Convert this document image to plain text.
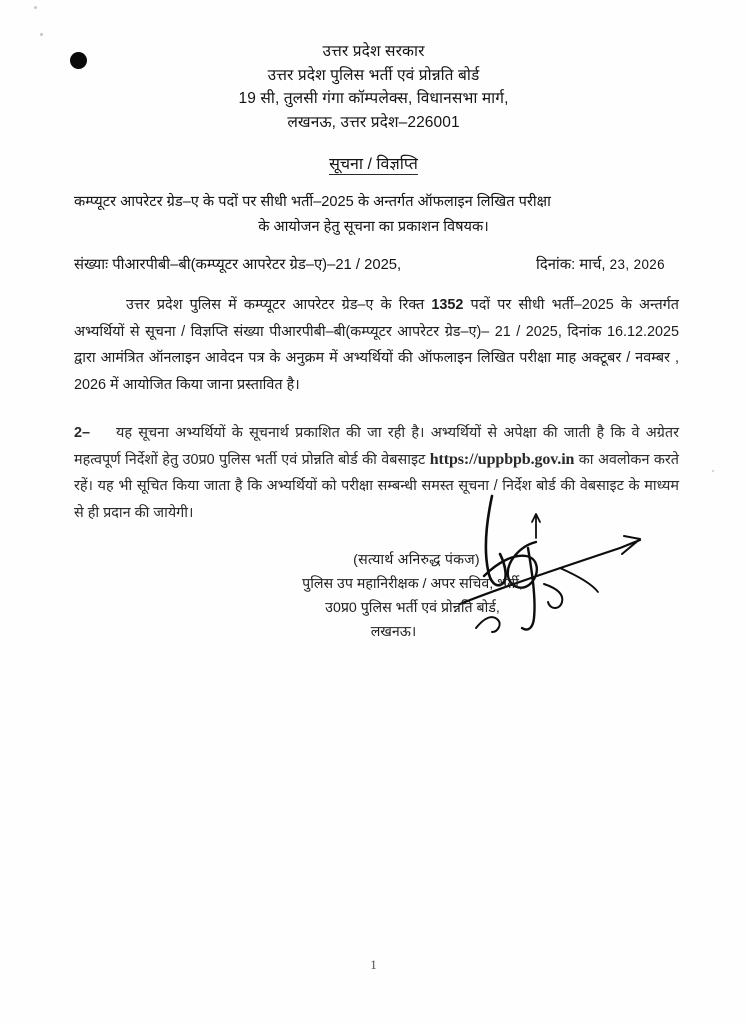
उत्तर प्रदेश सरकार
उत्तर प्रदेश पुलिस भर्ती एवं प्रोन्नति बोर्ड
19 सी, तुलसी गंगा कॉम्पलेक्स, विधानसभा मार्ग,
लखनऊ, उत्तर प्रदेश–226001
सूचना / विज्ञप्ति
कम्प्यूटर आपरेटर ग्रेड–ए के पदों पर सीधी भर्ती–2025 के अन्तर्गत ऑफलाइन लिखित परीक्षा
के आयोजन हेतु सूचना का प्रकाशन विषयक।
संख्याः पीआरपीबी–बी(कम्प्यूटर आपरेटर ग्रेड–ए)–21 / 2025,	दिनांक: मार्च, 23, 2026
उत्तर प्रदेश पुलिस में कम्प्यूटर आपरेटर ग्रेड–ए के रिक्त 1352 पदों पर सीधी भर्ती–2025 के अन्तर्गत अभ्यर्थियों से सूचना / विज्ञप्ति संख्या पीआरपीबी–बी(कम्प्यूटर आपरेटर ग्रेड–ए)– 21 / 2025, दिनांक 16.12.2025 द्वारा आमंत्रित ऑनलाइन आवेदन पत्र के अनुक्रम में अभ्यर्थियों की ऑफलाइन लिखित परीक्षा माह अक्टूबर / नवम्बर , 2026 में आयोजित किया जाना प्रस्तावित है।
2– यह सूचना अभ्यर्थियों के सूचनार्थ प्रकाशित की जा रही है। अभ्यर्थियों से अपेक्षा की जाती है कि वे अग्रेतर महत्वपूर्ण निर्देशों हेतु उ0प्र0 पुलिस भर्ती एवं प्रोन्नति बोर्ड की वेबसाइट https://uppbpb.gov.in का अवलोकन करते रहें। यह भी सूचित किया जाता है कि अभ्यर्थियों को परीक्षा सम्बन्धी समस्त सूचना / निर्देश बोर्ड की वेबसाइट के माध्यम से ही प्रदान की जायेगी।
(सत्यार्थ अनिरुद्ध पंकज)
पुलिस उप महानिरीक्षक / अपर सचिव, भर्ती,
उ0प्र0 पुलिस भर्ती एवं प्रोन्नति बोर्ड,
लखनऊ।
1
